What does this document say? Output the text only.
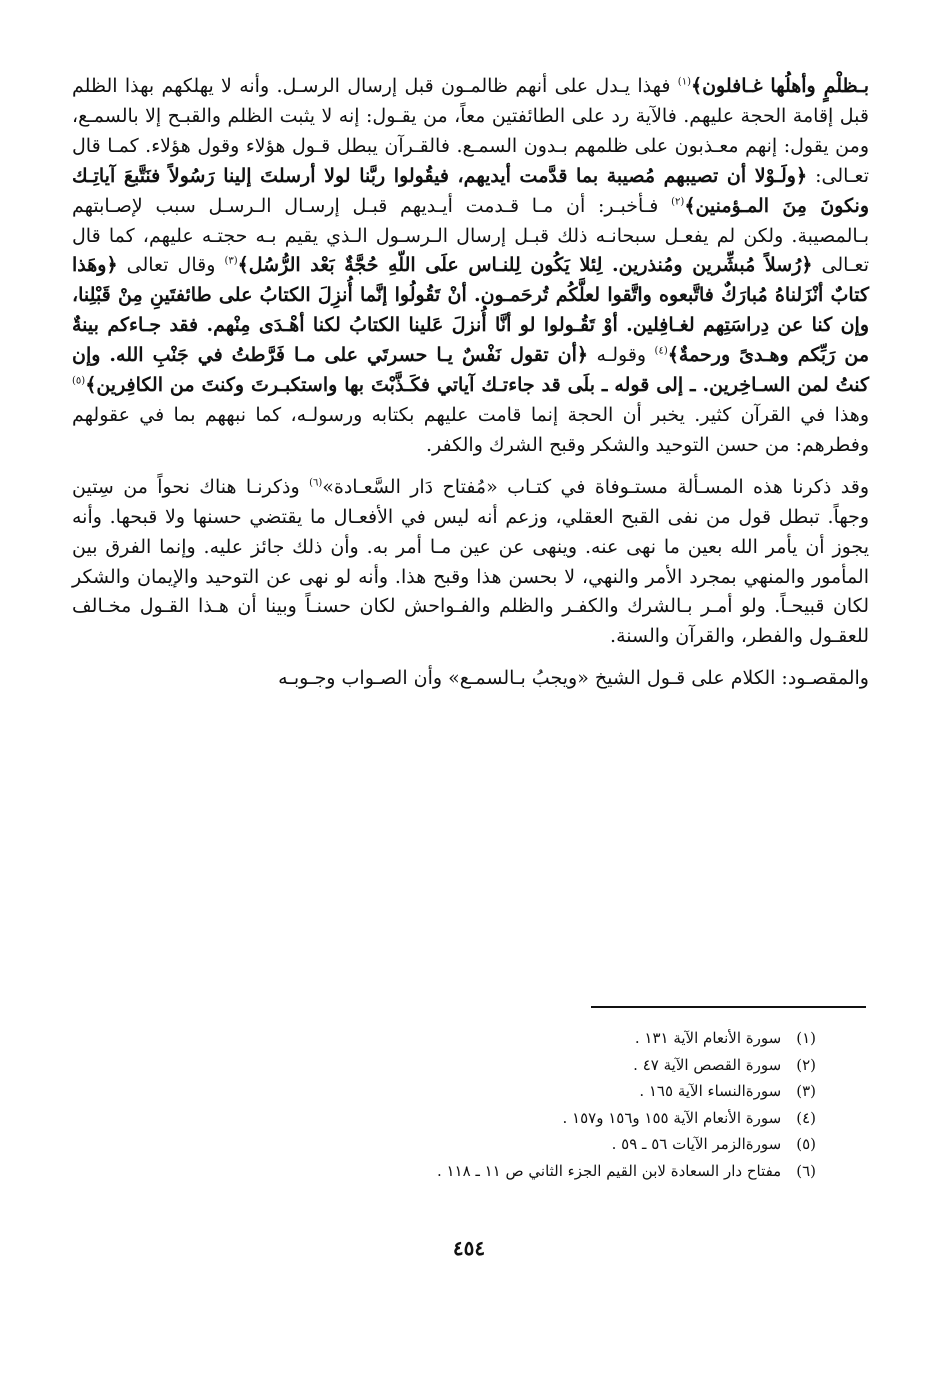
بـظلْمٍ وأهلُها غـافلون﴾$^{(١)}$ فهذا يـدل على أنهم ظالمـون قبل إرسال الرسـل. وأنه لا يهلكهم بهذا الظلم قبل إقامة الحجة عليهم. فالآية رد على الطائفتين معاً، من يقـول: إنه لا يثبت الظلم والقبـح إلا بالسمـع، ومن يقول: إنهم معـذبون على ظلمهم بـدون السمـع. فالقـرآن يبطل قـول هؤلاء وقول هؤلاء. كمـا قال تعـالى: ﴿ولَـوْلا أن تصيبهم مُصيبة بما قدَّمت أيديهم، فيقُولوا ربَّنا لولا أرسلتَ إلينا رَسُولاً فنَتَّبعَ آياتِـك ونكونَ مِنَ المـؤمنين﴾$^{(٢)}$ فـأخبـر: أن مـا قـدمت أيـديهم قبـل إرسـال الـرسـل سبب لإصـابتهم بـالمصيبة. ولكن لم يفعـل سبحانـه ذلك قبـل إرسال الـرسـول الـذي يقيم بـه حجتـه عليهم، كما قال تعـالى ﴿رُسلاً مُبشِّرين ومُنذرين. لِئلا يَكُون لِلنـاس علَى اللّهِ حُجَّةٌ بَعْد الرُّسُل﴾$^{(٣)}$ وقال تعالى ﴿وهَذا كتابٌ أنْزَلناهُ مُبارَكٌ فاتَّبعوه واتَّقوا لعلَّكُم تُرحَمـون. أنْ تَقُولُوا إنَّما أُنزِلَ الكتابُ على طائفتَينِ مِنْ قَبْلِنا، وإن كنا عن دِراسَتِهم لغـافِلين. أوْ تَقُـولوا لو أنَّا أُنزلَ عَلينا الكتابُ لكنا أهْـدَى مِنْهم. فقد جـاءكم بينةٌ من رَبِّكم وهـدىً ورحمةٌ﴾$^{(٤)}$ وقولـه ﴿أن تقول نَفْسٌ يـا حسرتَي على مـا فَرَّطتُ في جَنْبِ الله. وإن كنتُ لمن السـاخِرين. ـ إلى قوله ـ بلَى قد جاءتـك آياتي فكَـذَّبْتَ بها واستكبـرتَ وكنتَ من الكافِرين﴾$^{(٥)}$ وهذا في القرآن كثير. يخبر أن الحجة إنما قامت عليهم بكتابه ورسولـه، كما نبههم بما في عقولهم وفطرهم: من حسن التوحيد والشكر وقبح الشرك والكفر.

وقد ذكرنا هذه المسـألة مستـوفاة في كتـاب «مُفتاح دَار السَّعـادة»$^{(٦)}$ وذكرنـا هناك نحواً من سِتين وجهاً. تبطل قول من نفى القبح العقلي، وزعم أنه ليس في الأفعـال ما يقتضي حسنها ولا قبحها. وأنه يجوز أن يأمر الله بعين ما نهى عنه. وينهى عن عين مـا أمر به. وأن ذلك جائز عليه. وإنما الفرق بين المأمور والمنهي بمجرد الأمر والنهي، لا بحسن هذا وقبح هذا. وأنه لو نهى عن التوحيد والإيمان والشكر لكان قبيحـاً. ولو أمـر بـالشرك والكفـر والظلم والفـواحش لكان حسنـاً وبينا أن هـذا القـول مخـالف للعقـول والفطر، والقرآن والسنة.

والمقصـود: الكلام على قـول الشيخ «ويجبُ بـالسمـع» وأن الصـواب وجـوبـه

(١) سورة الأنعام الآية ١٣١ .
(٢) سورة القصص الآية ٤٧ .
(٣) سورةالنساء الآية ١٦٥ .
(٤) سورة الأنعام الآية ١٥٥ و١٥٦ و١٥٧ .
(٥) سورةالزمر الآيات ٥٦ ـ ٥٩ .
(٦) مفتاح دار السعادة لابن القيم الجزء الثاني ص ١١ ـ ١١٨ .
٤٥٤
